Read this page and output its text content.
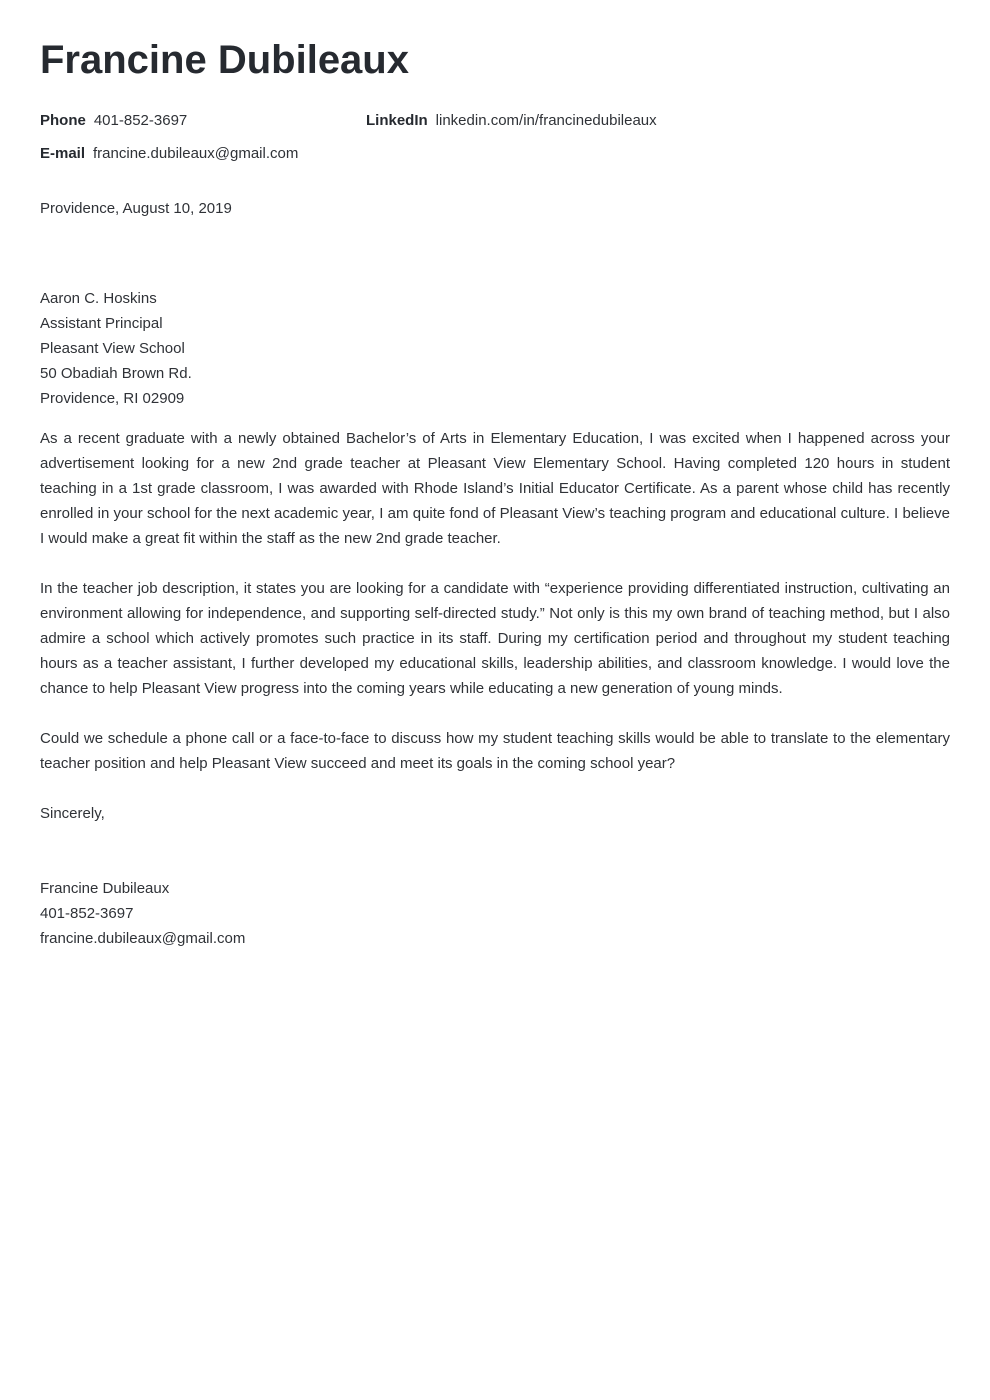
Francine Dubileaux
Phone 401-852-3697	LinkedIn linkedin.com/in/francinedubileaux
E-mail francine.dubileaux@gmail.com
Providence, August 10, 2019
Aaron C. Hoskins
Assistant Principal
Pleasant View School
50 Obadiah Brown Rd.
Providence, RI 02909

As a recent graduate with a newly obtained Bachelor’s of Arts in Elementary Education, I was excited when I happened across your advertisement looking for a new 2nd grade teacher at Pleasant View Elementary School. Having completed 120 hours in student teaching in a 1st grade classroom, I was awarded with Rhode Island’s Initial Educator Certificate. As a parent whose child has recently enrolled in your school for the next academic year, I am quite fond of Pleasant View’s teaching program and educational culture. I believe I would make a great fit within the staff as the new 2nd grade teacher.

In the teacher job description, it states you are looking for a candidate with “experience providing differentiated instruction, cultivating an environment allowing for independence, and supporting self-directed study.” Not only is this my own brand of teaching method, but I also admire a school which actively promotes such practice in its staff. During my certification period and throughout my student teaching hours as a teacher assistant, I further developed my educational skills, leadership abilities, and classroom knowledge. I would love the chance to help Pleasant View progress into the coming years while educating a new generation of young minds.

Could we schedule a phone call or a face-to-face to discuss how my student teaching skills would be able to translate to the elementary teacher position and help Pleasant View succeed and meet its goals in the coming school year?

Sincerely,
Francine Dubileaux
401-852-3697
francine.dubileaux@gmail.com
